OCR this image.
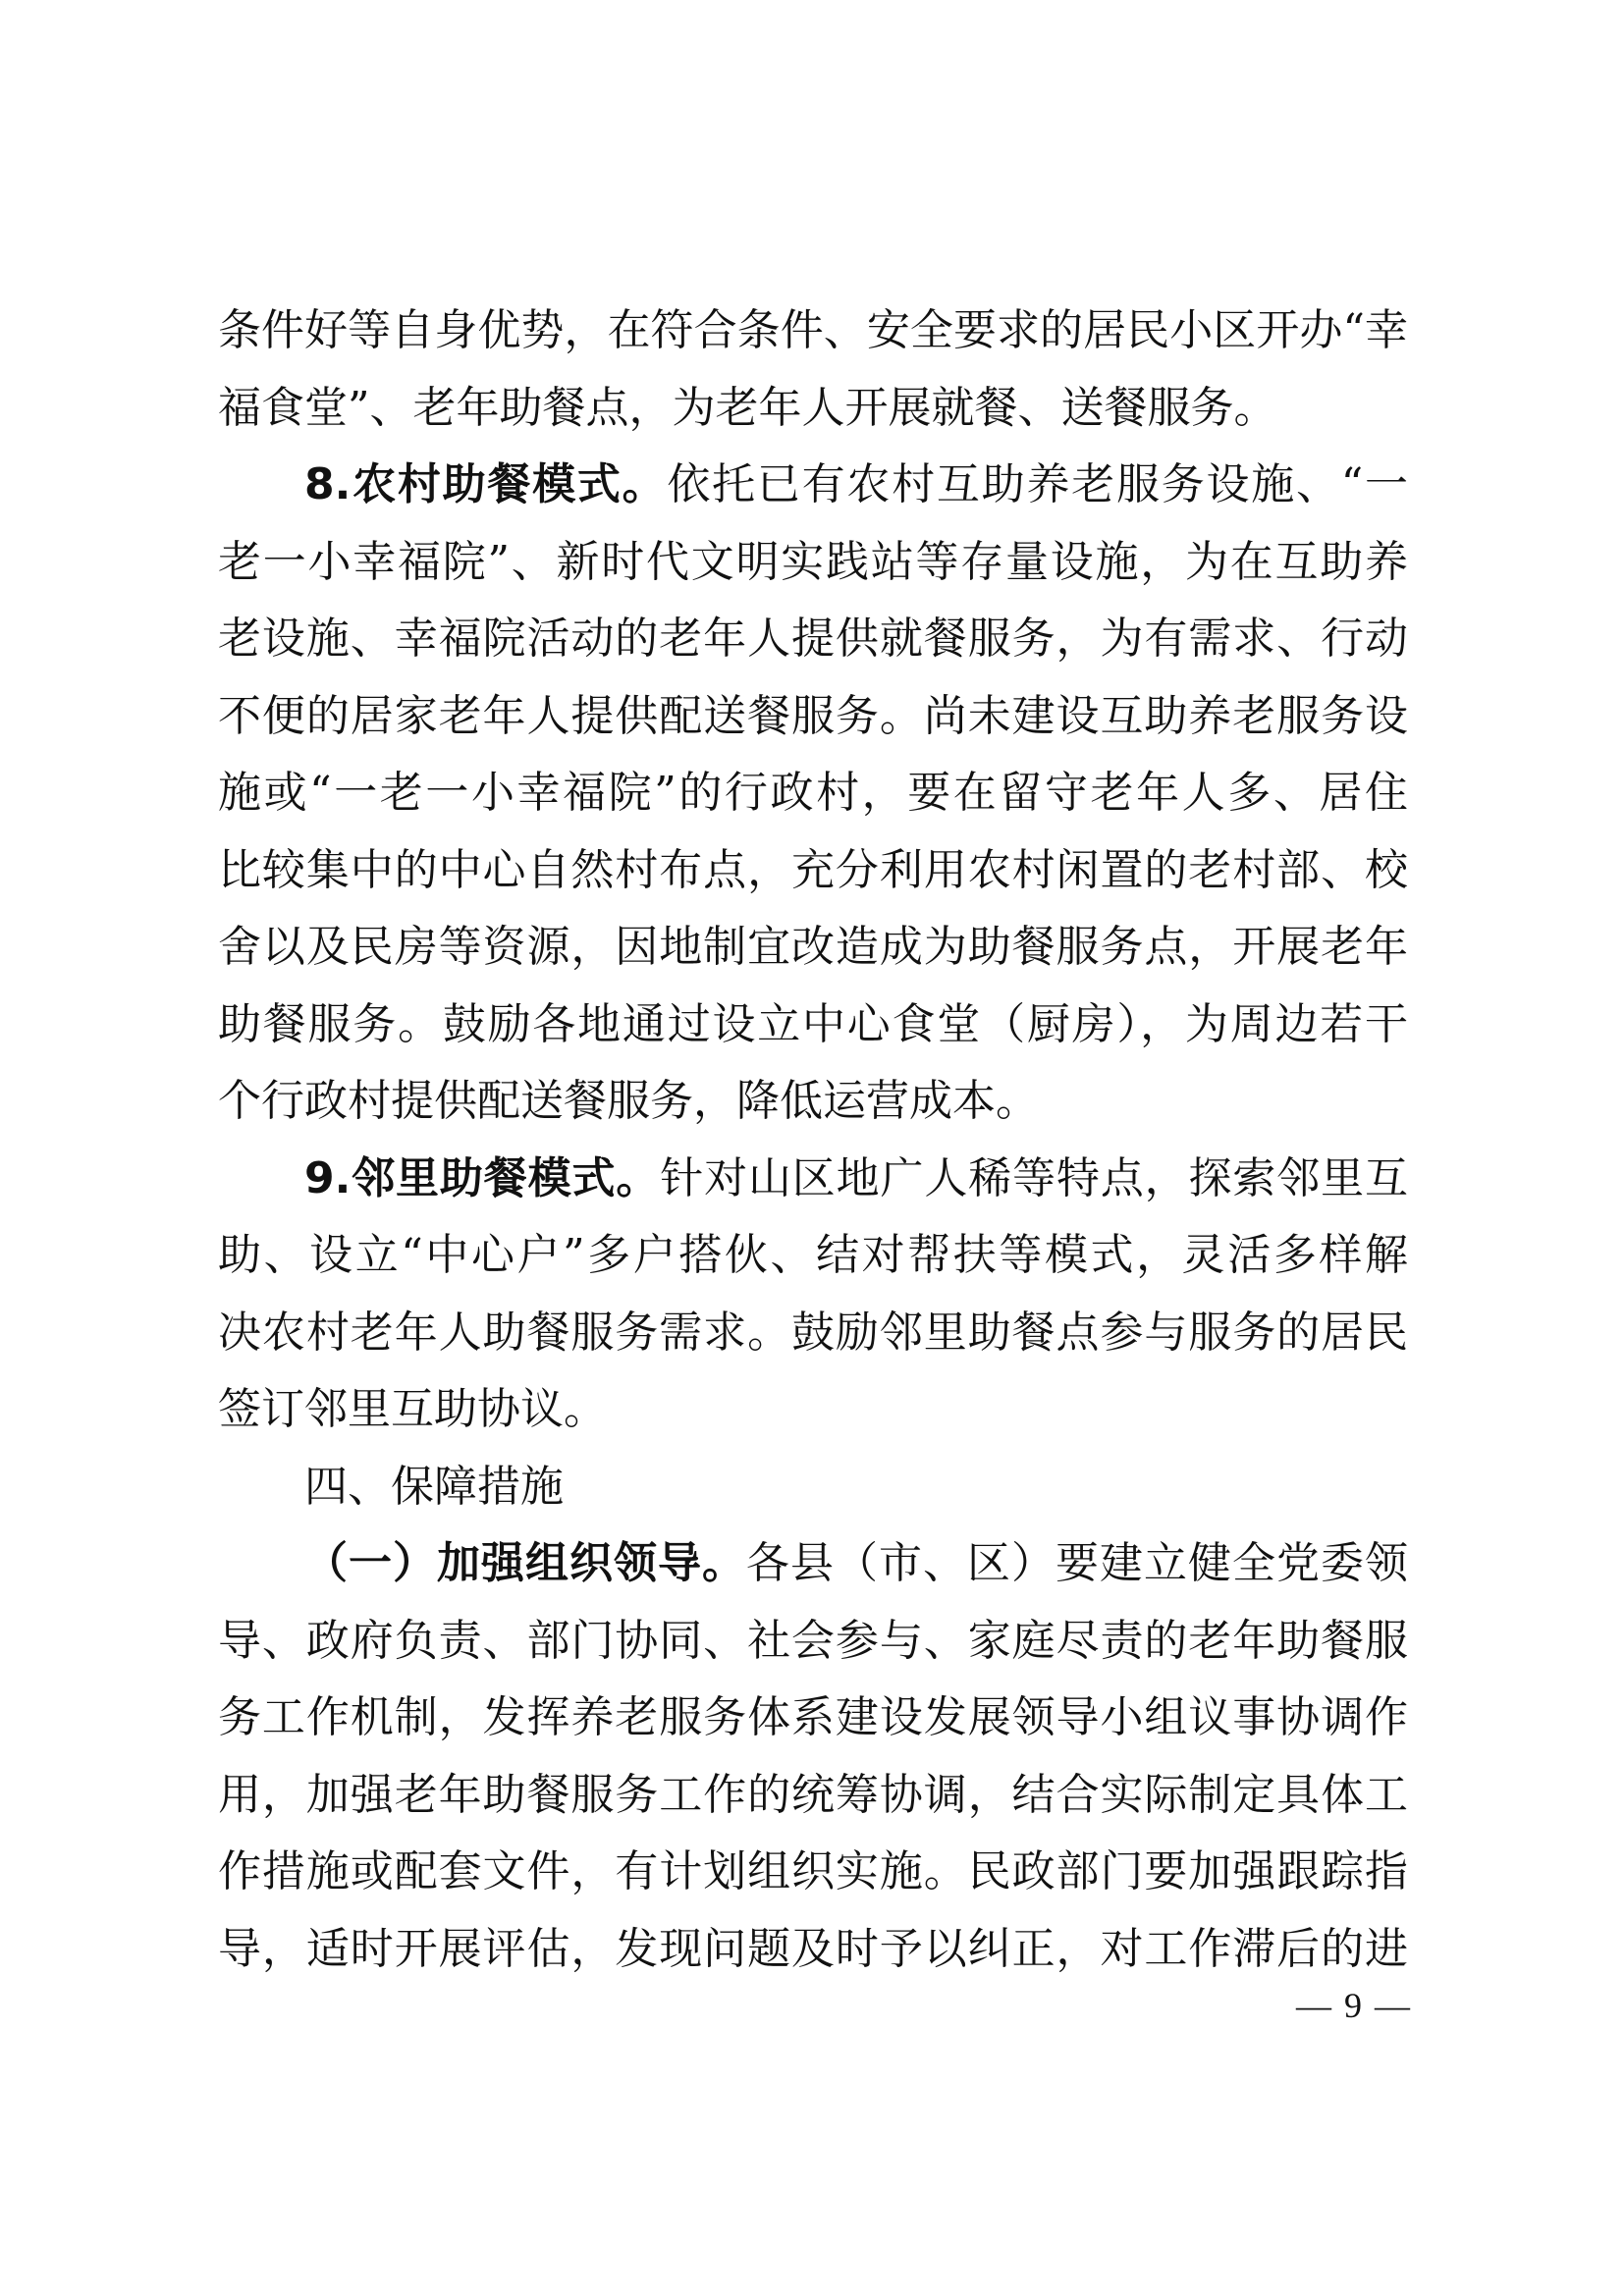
条件好等自身优势，在符合条件、安全要求的居民小区开办“幸
福食堂”、老年助餐点，为老年人开展就餐、送餐服务。
8.农村助餐模式。依托已有农村互助养老服务设施、“一
老一小幸福院”、新时代文明实践站等存量设施，为在互助养
老设施、幸福院活动的老年人提供就餐服务，为有需求、行动
不便的居家老年人提供配送餐服务。尚未建设互助养老服务设
施或“一老一小幸福院”的行政村，要在留守老年人多、居住
比较集中的中心自然村布点，充分利用农村闲置的老村部、校
舍以及民房等资源，因地制宜改造成为助餐服务点，开展老年
助餐服务。鼓励各地通过设立中心食堂（厨房），为周边若干
个行政村提供配送餐服务，降低运营成本。
9.邻里助餐模式。针对山区地广人稀等特点，探索邻里互
助、设立“中心户”多户搭伙、结对帮扶等模式，灵活多样解
决农村老年人助餐服务需求。鼓励邻里助餐点参与服务的居民
签订邻里互助协议。
四、保障措施
（一）加强组织领导。各县（市、区）要建立健全党委领
导、政府负责、部门协同、社会参与、家庭尽责的老年助餐服
务工作机制，发挥养老服务体系建设发展领导小组议事协调作
用，加强老年助餐服务工作的统筹协调，结合实际制定具体工
作措施或配套文件，有计划组织实施。民政部门要加强跟踪指
导，适时开展评估，发现问题及时予以纠正，对工作滞后的进
— 9 —
